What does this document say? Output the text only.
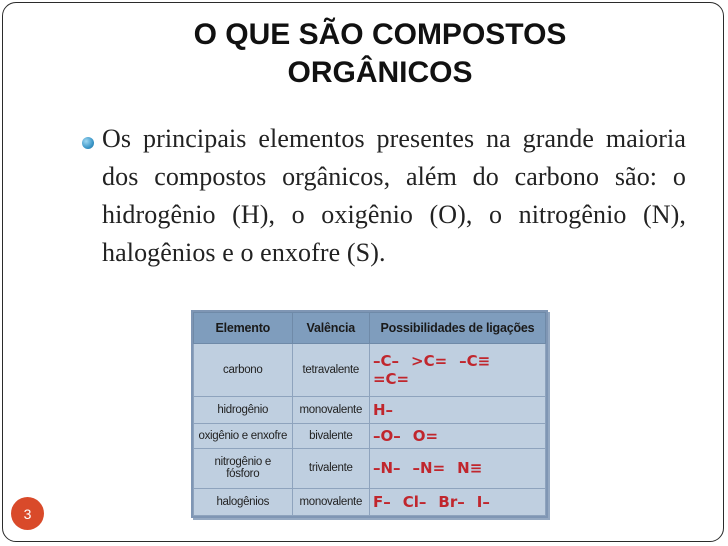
O QUE SÃO COMPOSTOS
ORGÂNICOS
Os principais elementos presentes na grande maioria dos compostos orgânicos, além do carbono são: o hidrogênio (H), o oxigênio (O), o nitrogênio (N), halogênios e o enxofre (S).
Elemento	Valência	Possibilidades de ligações
carbono	tetravalente	–C– >C= –C≡=C=
hidrogênio	monovalente	H–
oxigênio e enxofre	bivalente	–O– O=
nitrogênio e fósforo	trivalente	–N– –N= N≡
halogênios	monovalente	F– Cl– Br– I–
3
